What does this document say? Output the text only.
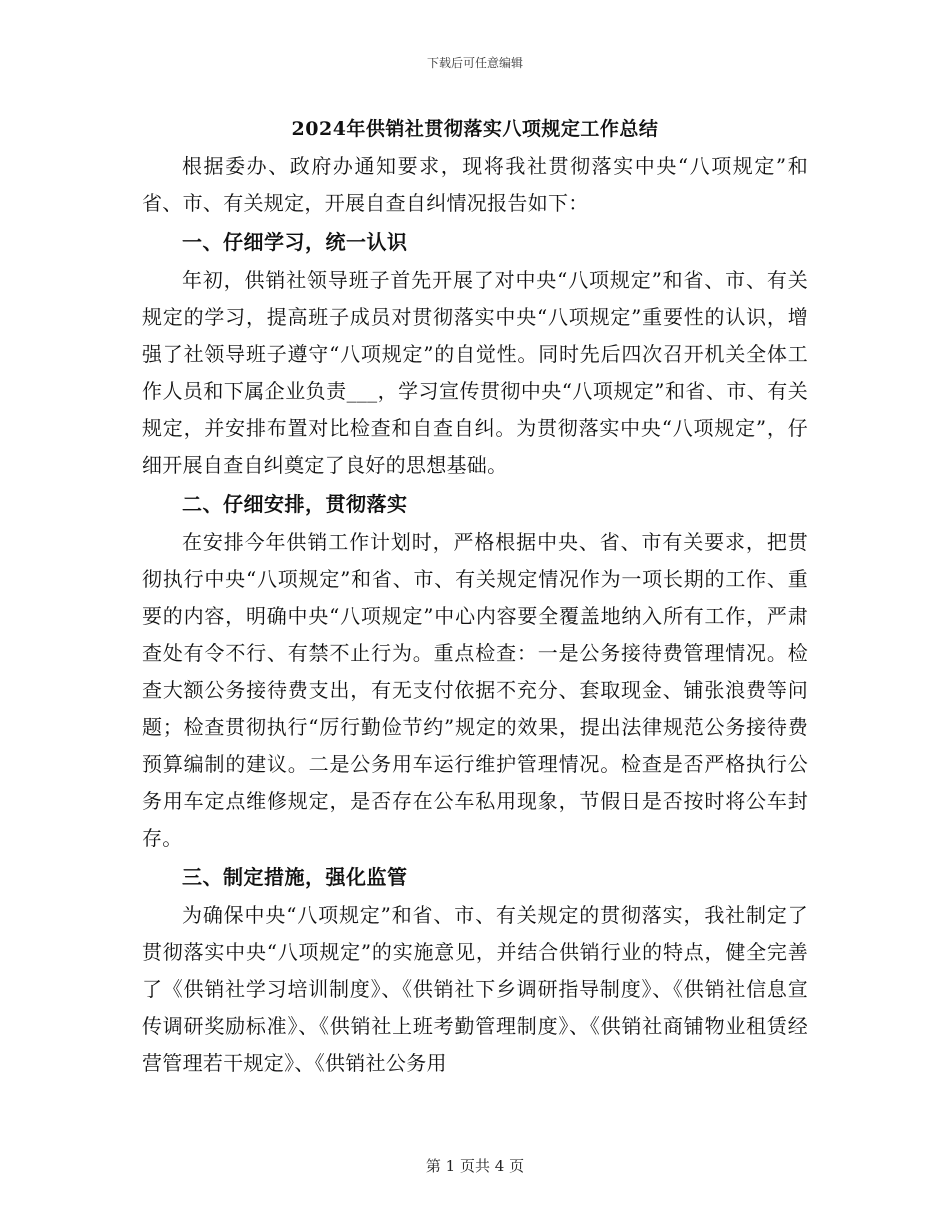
下载后可任意编辑
2024年供销社贯彻落实八项规定工作总结

根据委办、政府办通知要求，现将我社贯彻落实中央“八项规定”和省、市、有关规定，开展自查自纠情况报告如下：

一、仔细学习，统一认识

年初，供销社领导班子首先开展了对中央“八项规定”和省、市、有关规定的学习，提高班子成员对贯彻落实中央“八项规定”重要性的认识，增强了社领导班子遵守“八项规定”的自觉性。同时先后四次召开机关全体工作人员和下属企业负责___，学习宣传贯彻中央“八项规定”和省、市、有关规定，并安排布置对比检查和自查自纠。为贯彻落实中央“八项规定”，仔细开展自查自纠奠定了良好的思想基础。

二、仔细安排，贯彻落实

在安排今年供销工作计划时，严格根据中央、省、市有关要求，把贯彻执行中央“八项规定”和省、市、有关规定情况作为一项长期的工作、重要的内容，明确中央“八项规定”中心内容要全覆盖地纳入所有工作，严肃查处有令不行、有禁不止行为。重点检查：一是公务接待费管理情况。检查大额公务接待费支出，有无支付依据不充分、套取现金、铺张浪费等问题；检查贯彻执行“厉行勤俭节约”规定的效果，提出法律规范公务接待费预算编制的建议。二是公务用车运行维护管理情况。检查是否严格执行公务用车定点维修规定，是否存在公车私用现象，节假日是否按时将公车封存。

三、制定措施，强化监管

为确保中央“八项规定”和省、市、有关规定的贯彻落实，我社制定了贯彻落实中央“八项规定”的实施意见，并结合供销行业的特点，健全完善了《供销社学习培训制度》、《供销社下乡调研指导制度》、《供销社信息宣传调研奖励标准》、《供销社上班考勤管理制度》、《供销社商铺物业租赁经营管理若干规定》、《供销社公务用

第 1 页共 4 页
